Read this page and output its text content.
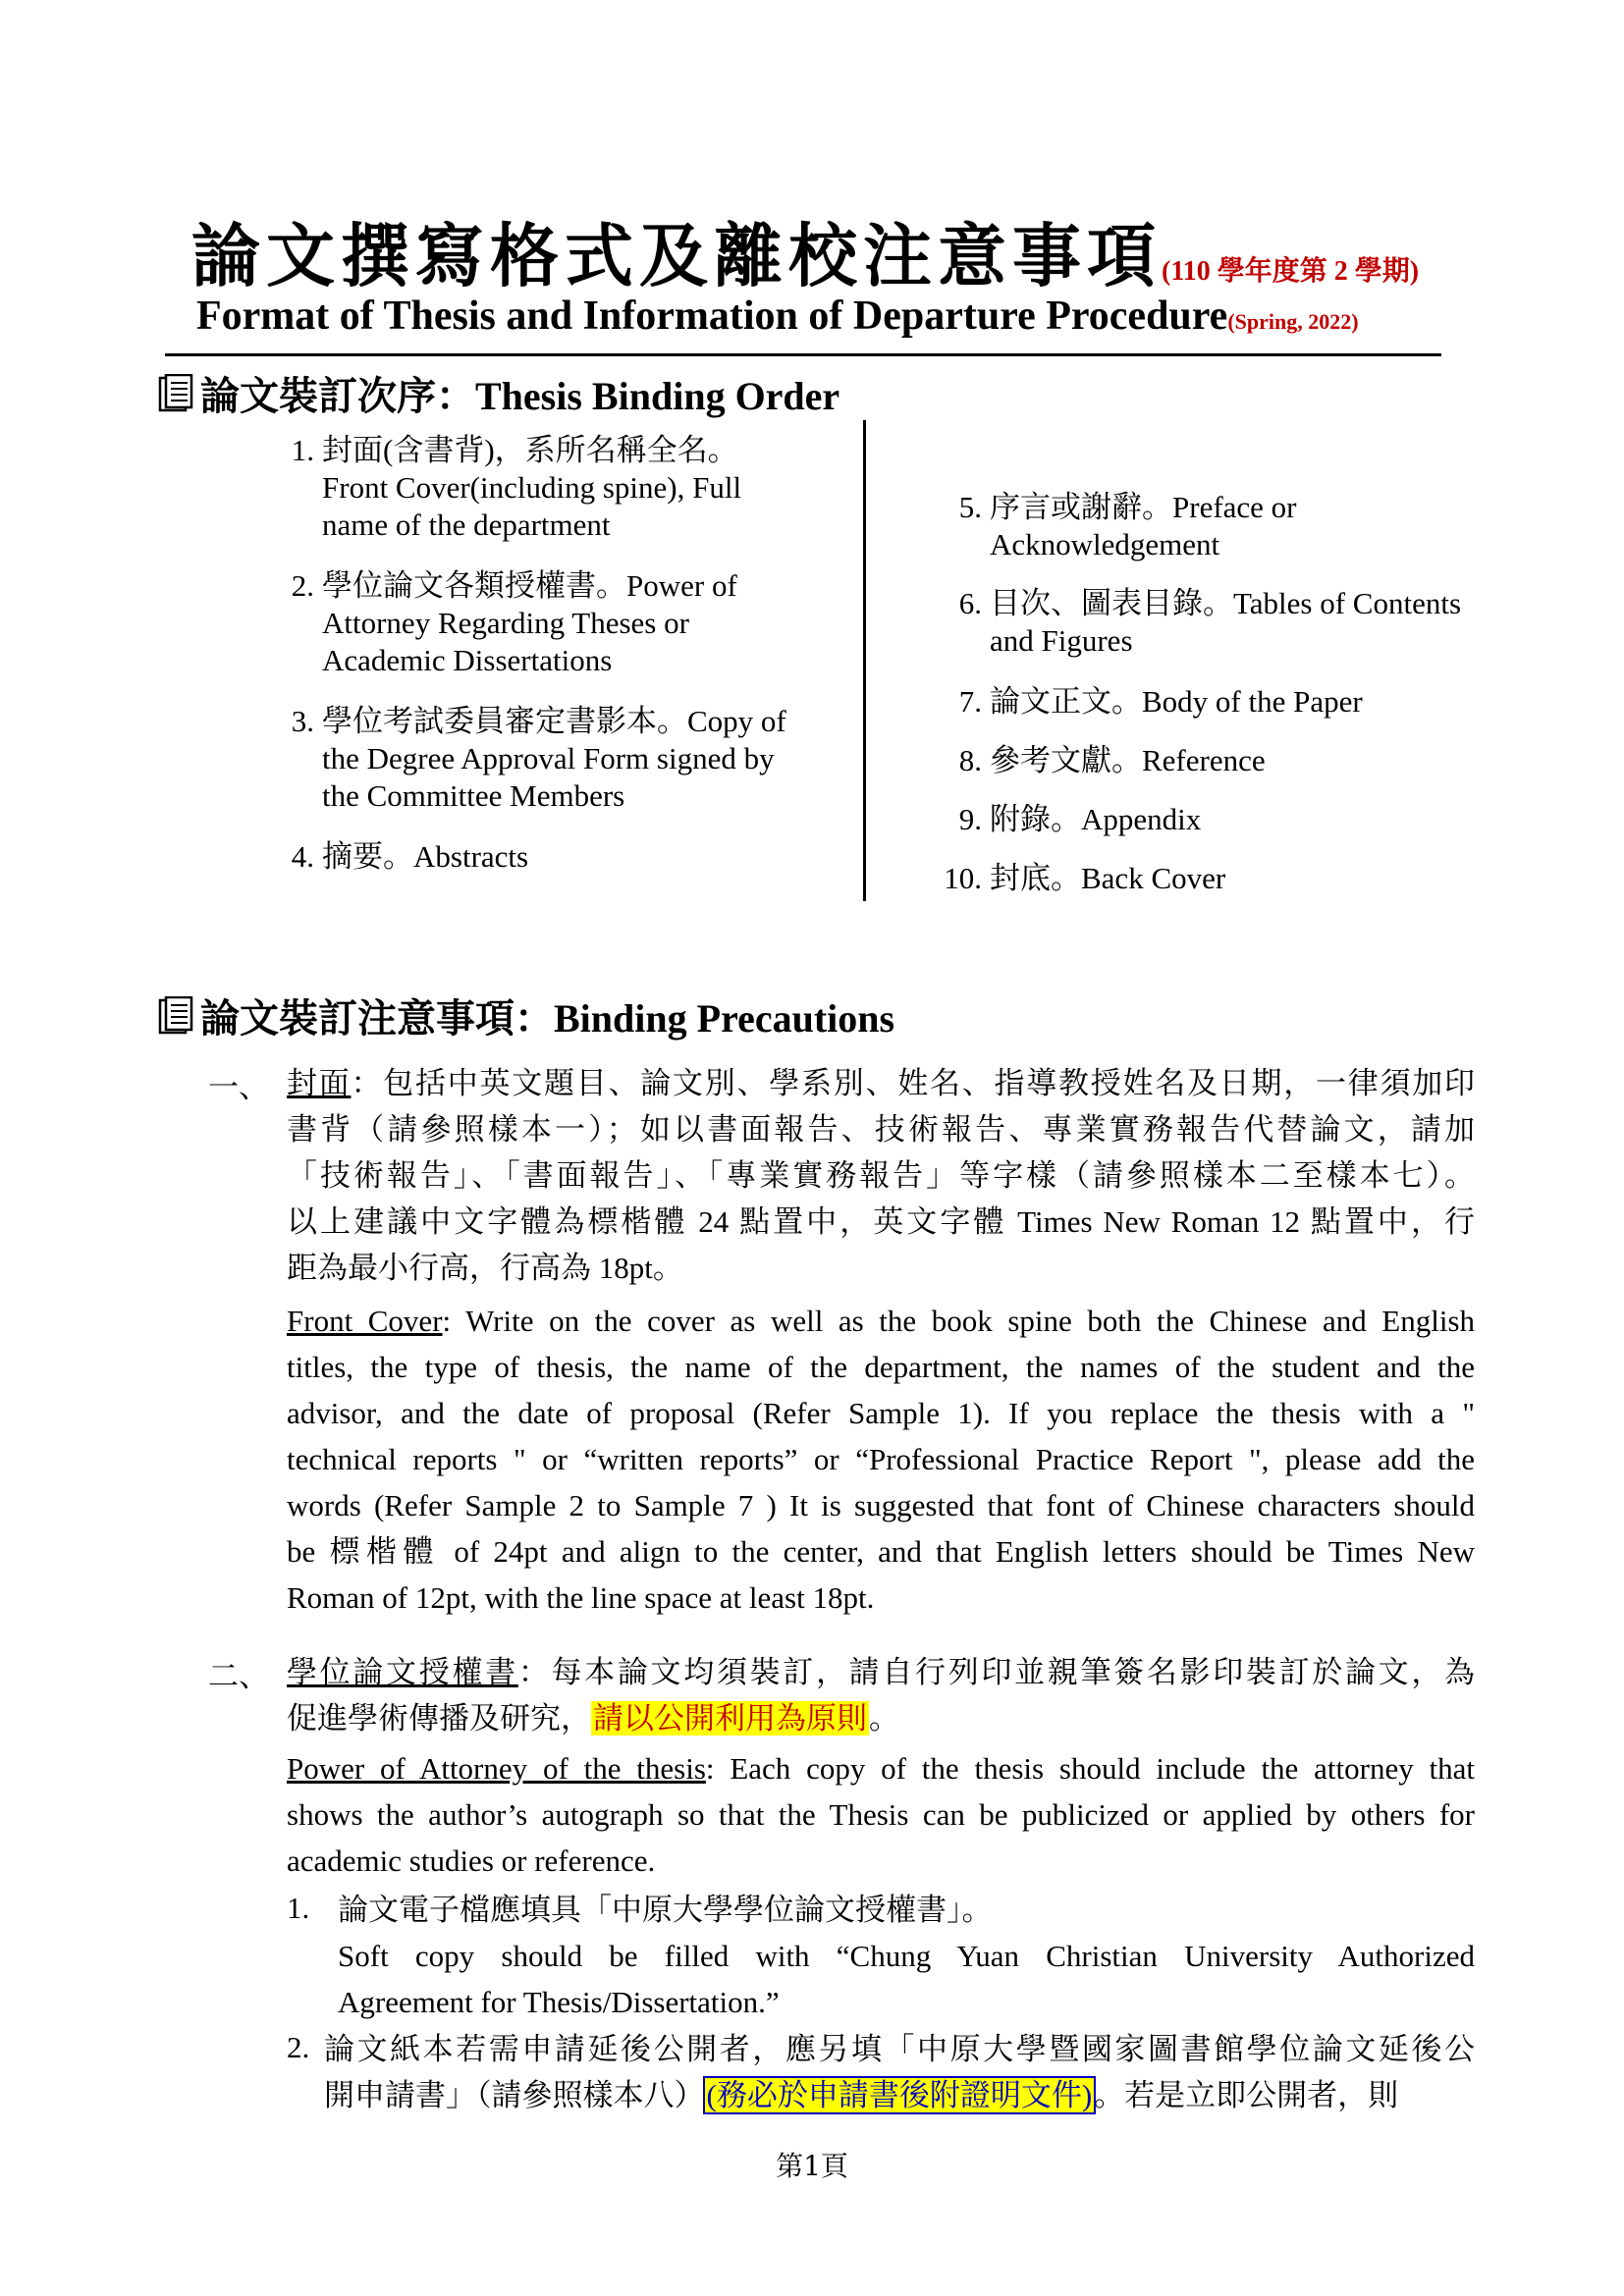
論文撰寫格式及離校注意事項(110 學年度第 2 學期)
Format of Thesis and Information of Departure Procedure(Spring, 2022)
論文裝訂次序：Thesis Binding Order
1. 封面(含書背)，系所名稱全名。
Front Cover(including spine), Full
name of the department
2. 學位論文各類授權書。Power of
Attorney Regarding Theses or
Academic Dissertations
3. 學位考試委員審定書影本。Copy of
the Degree Approval Form signed by
the Committee Members
4. 摘要。Abstracts
5. 序言或謝辭。Preface or
Acknowledgement
6. 目次、圖表目錄。Tables of Contents
and Figures
7. 論文正文。Body of the Paper
8. 參考文獻。Reference
9. 附錄。Appendix
10. 封底。Back Cover
論文裝訂注意事項：Binding Precautions
一、 封面：包括中英文題目、論文別、學系別、姓名、指導教授姓名及日期，一律須加印
書背（請參照樣本一）；如以書面報告、技術報告、專業實務報告代替論文，請加
「技術報告」、「書面報告」、「專業實務報告」等字樣（請參照樣本二至樣本七）。
以上建議中文字體為標楷體 24 點置中，英文字體 Times New Roman 12 點置中，行
距為最小行高，行高為 18pt。
Front Cover: Write on the cover as well as the book spine both the Chinese and English
titles, the type of thesis, the name of the department, the names of the student and the
advisor, and the date of proposal (Refer Sample 1). If you replace the thesis with a "
technical reports " or “written reports” or “Professional Practice Report ", please add the
words (Refer Sample 2 to Sample 7 ) It is suggested that font of Chinese characters should
be 標楷體 of 24pt and align to the center, and that English letters should be Times New
Roman of 12pt, with the line space at least 18pt.
二、 學位論文授權書：每本論文均須裝訂，請自行列印並親筆簽名影印裝訂於論文，為
促進學術傳播及研究，請以公開利用為原則。
Power of Attorney of the thesis: Each copy of the thesis should include the attorney that
shows the author’s autograph so that the Thesis can be publicized or applied by others for
academic studies or reference.
1. 論文電子檔應填具「中原大學學位論文授權書」。
Soft copy should be filled with “Chung Yuan Christian University Authorized
Agreement for Thesis/Dissertation.”
2. 論文紙本若需申請延後公開者，應另填「中原大學暨國家圖書館學位論文延後公
開申請書」（請參照樣本八）(務必於申請書後附證明文件)。若是立即公開者，則
第1頁
